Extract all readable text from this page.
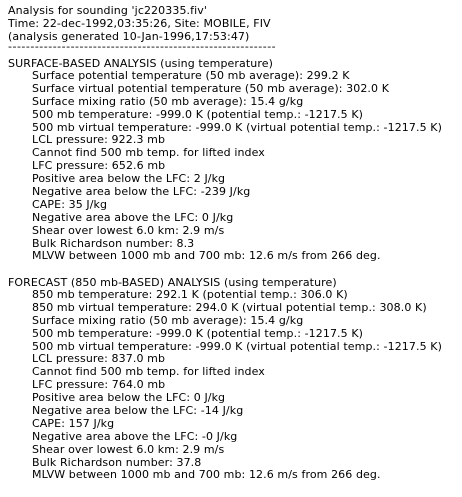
Analysis for sounding 'jc220335.fiv'
Time: 22-dec-1992,03:35:26, Site: MOBILE, FIV
(analysis generated 10-Jan-1996,17:53:47)
------------------------------------------------------------
SURFACE-BASED ANALYSIS (using temperature)
Surface potential temperature (50 mb average): 299.2 K
Surface virtual potential temperature (50 mb average): 302.0 K
Surface mixing ratio (50 mb average): 15.4 g/kg
500 mb temperature: -999.0 K (potential temp.: -1217.5 K)
500 mb virtual temperature: -999.0 K (virtual potential temp.: -1217.5 K)
LCL pressure: 922.3 mb
Cannot find 500 mb temp. for lifted index
LFC pressure: 652.6 mb
Positive area below the LFC: 2 J/kg
Negative area below the LFC: -239 J/kg
CAPE: 35 J/kg
Negative area above the LFC: 0 J/kg
Shear over lowest 6.0 km: 2.9 m/s
Bulk Richardson number: 8.3
MLVW between 1000 mb and 700 mb: 12.6 m/s from 266 deg.
FORECAST (850 mb-BASED) ANALYSIS (using temperature)
850 mb temperature: 292.1 K (potential temp.: 306.0 K)
850 mb virtual temperature: 294.0 K (virtual potential temp.: 308.0 K)
Surface mixing ratio (50 mb average): 15.4 g/kg
500 mb temperature: -999.0 K (potential temp.: -1217.5 K)
500 mb virtual temperature: -999.0 K (virtual potential temp.: -1217.5 K)
LCL pressure: 837.0 mb
Cannot find 500 mb temp. for lifted index
LFC pressure: 764.0 mb
Positive area below the LFC: 0 J/kg
Negative area below the LFC: -14 J/kg
CAPE: 157 J/kg
Negative area above the LFC: -0 J/kg
Shear over lowest 6.0 km: 2.9 m/s
Bulk Richardson number: 37.8
MLVW between 1000 mb and 700 mb: 12.6 m/s from 266 deg.
